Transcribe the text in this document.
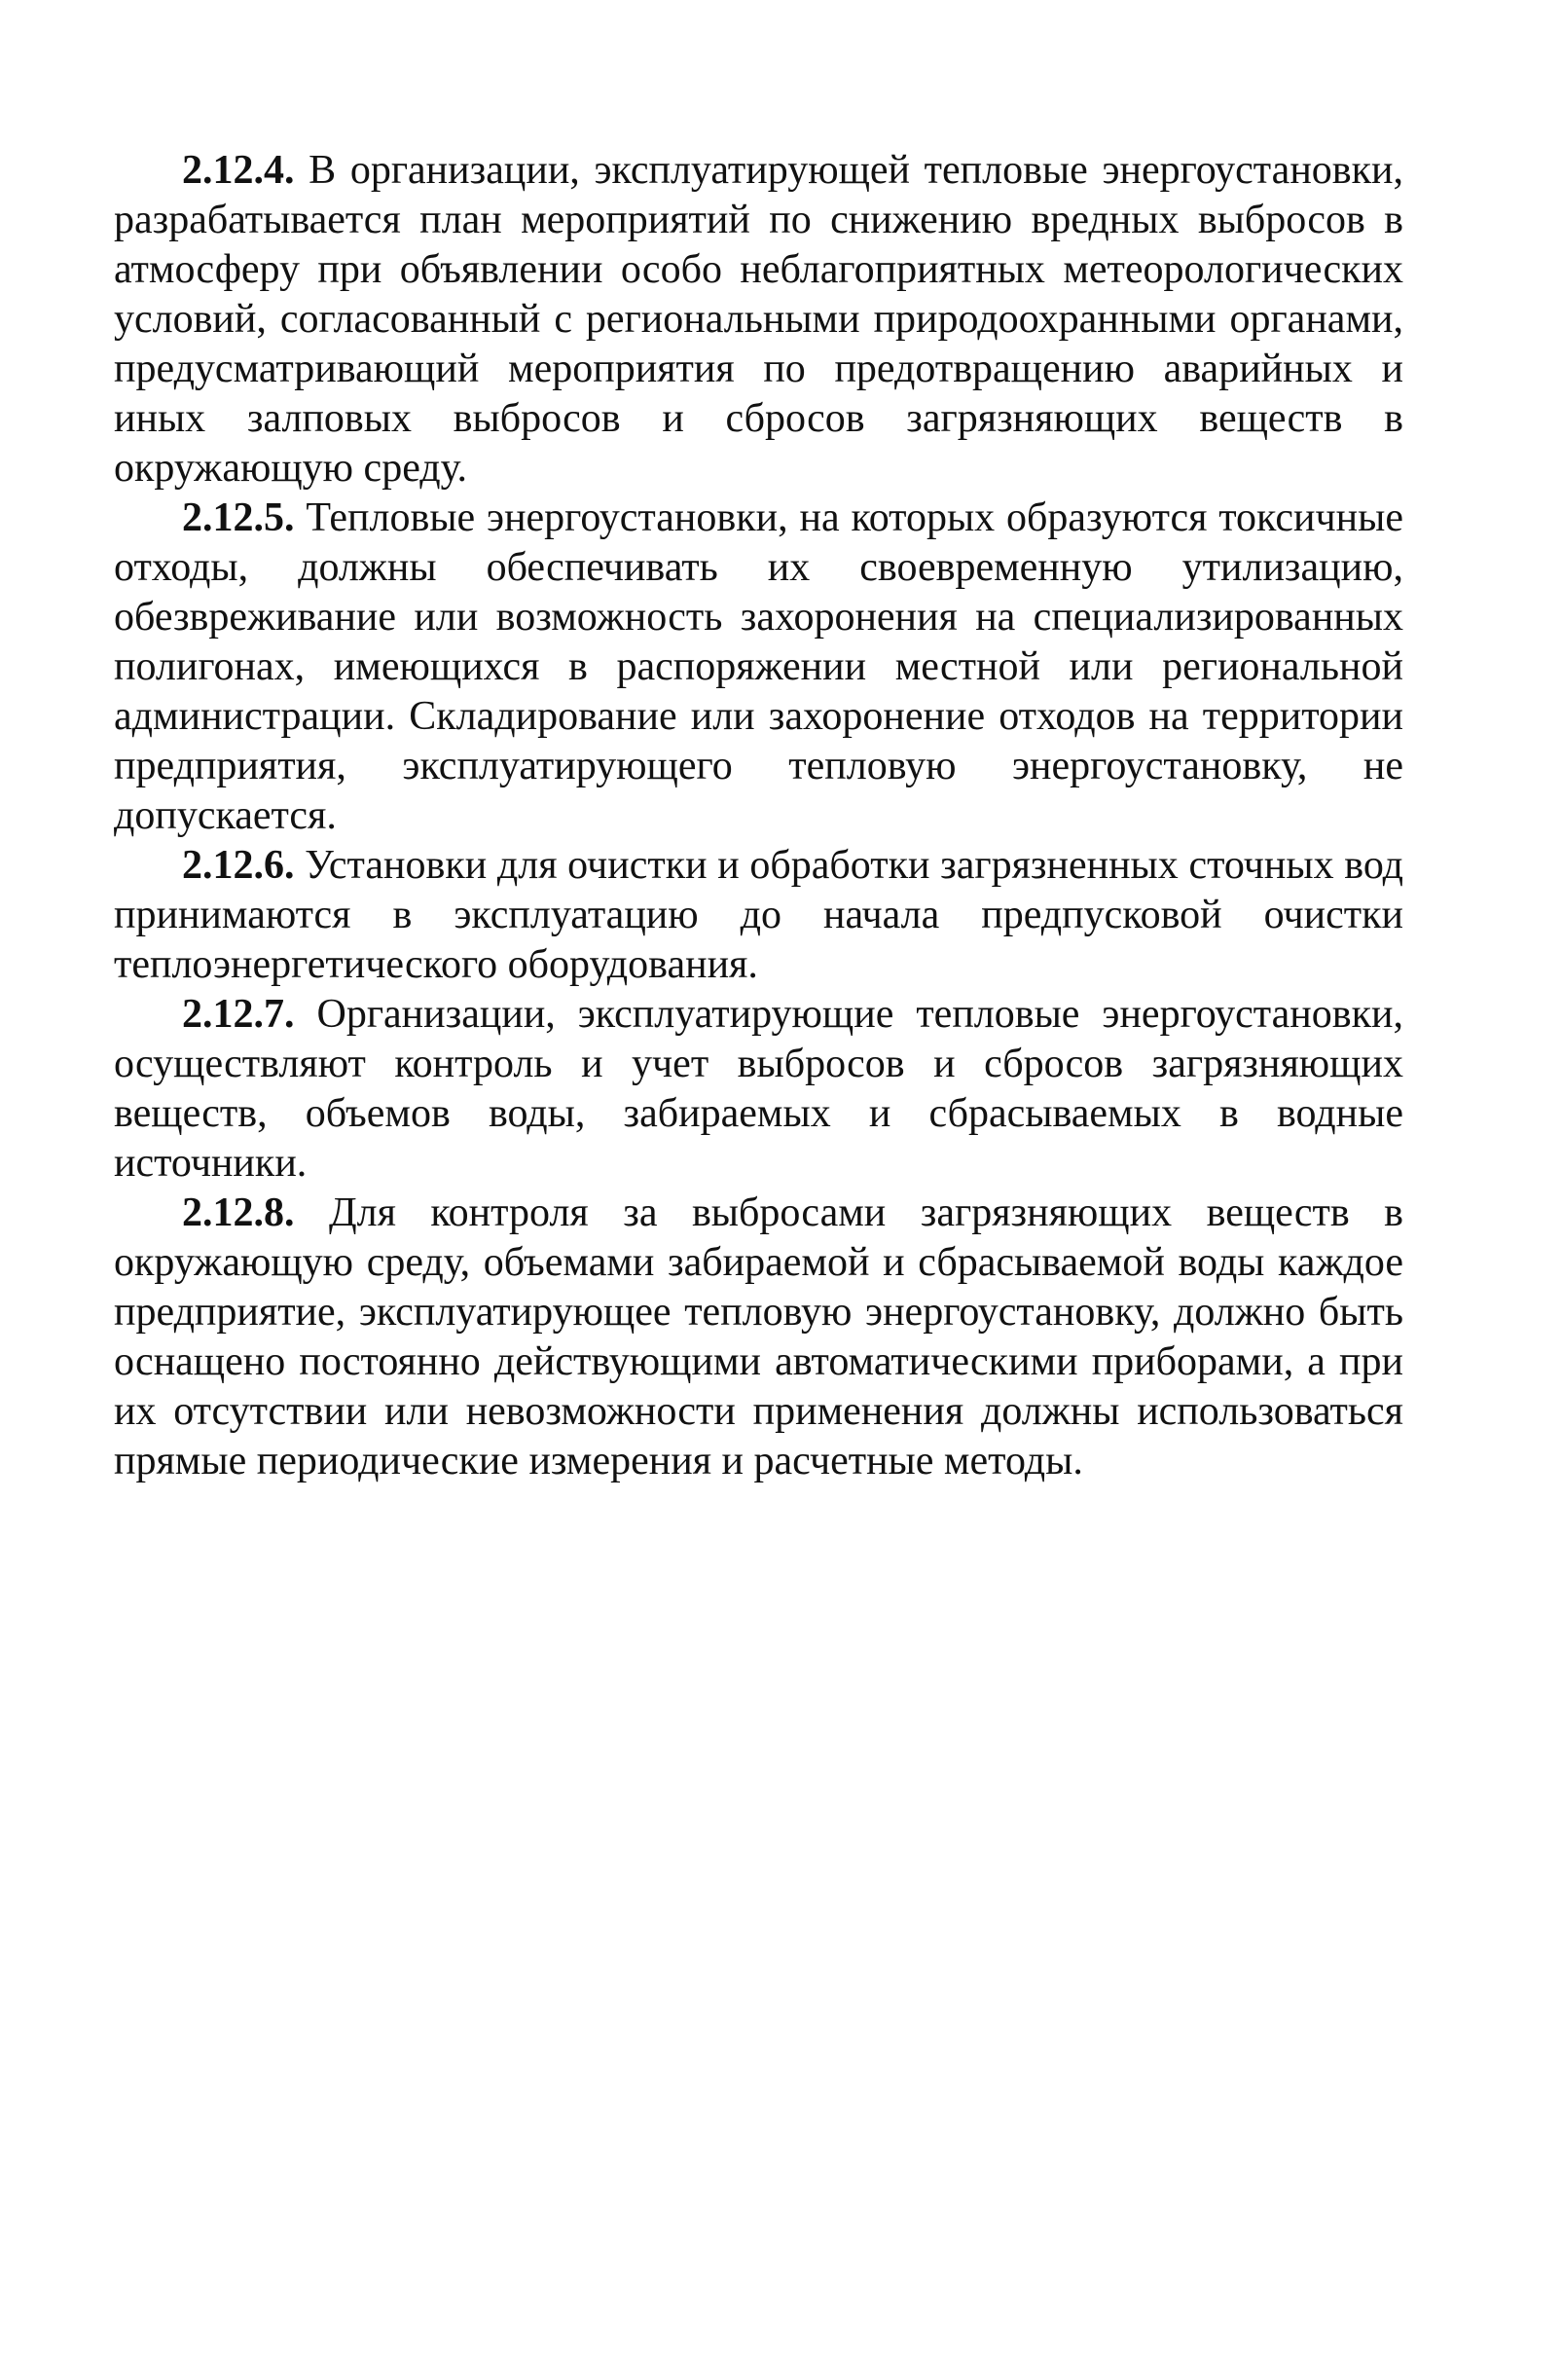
2.12.4. В организации, эксплуатирующей тепловые энергоустановки, разрабатывается план мероприятий по снижению вредных выбросов в атмосферу при объявлении особо неблагоприятных метеорологических условий, согласованный с региональными природоохранными органами, предусматривающий мероприятия по предотвращению аварийных и иных залповых выбросов и сбросов загрязняющих веществ в окружающую среду.

2.12.5. Тепловые энергоустановки, на которых образуются токсичные отходы, должны обеспечивать их своевременную утилизацию, обезвреживание или возможность захоронения на специализированных полигонах, имеющихся в распоряжении местной или региональной администрации. Складирование или захоронение отходов на территории предприятия, эксплуатирующего тепловую энергоустановку, не допускается.

2.12.6. Установки для очистки и обработки загрязненных сточных вод принимаются в эксплуатацию до начала предпусковой очистки теплоэнергетического оборудования.

2.12.7. Организации, эксплуатирующие тепловые энергоустановки, осуществляют контроль и учет выбросов и сбросов загрязняющих веществ, объемов воды, забираемых и сбрасываемых в водные источники.

2.12.8. Для контроля за выбросами загрязняющих веществ в окружающую среду, объемами забираемой и сбрасываемой воды каждое предприятие, эксплуатирующее тепловую энергоустановку, должно быть оснащено постоянно действующими автоматическими приборами, а при их отсутствии или невозможности применения должны использоваться прямые периодические измерения и расчетные методы.
